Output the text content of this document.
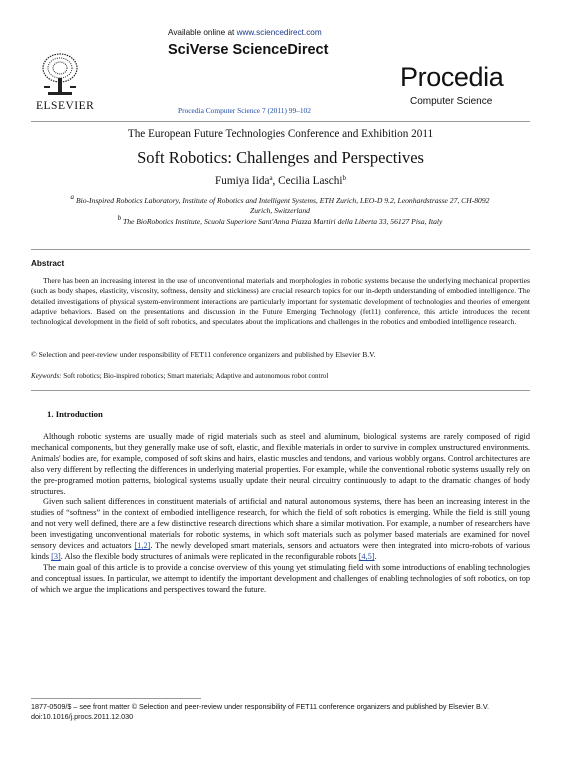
ELSEVIER
Available online at www.sciencedirect.com
SciVerse ScienceDirect
Procedia Computer Science 7 (2011) 99–102
Procedia
Computer Science
The European Future Technologies Conference and Exhibition 2011
Soft Robotics: Challenges and Perspectives
Fumiya Iida$^a$, Cecilia Laschi$^b$
$^a$ Bio-Inspired Robotics Laboratory, Institute of Robotics and Intelligent Systems, ETH Zurich, LEO-D 9.2, Leonhardstrasse 27, CH-8092 Zurich, Switzerland
$^b$ The BioRobotics Institute, Scuola Superiore Sant'Anna Piazza Martiri della Liberta 33, 56127 Pisa, Italy
Abstract
There has been an increasing interest in the use of unconventional materials and morphologies in robotic systems because the underlying mechanical properties (such as body shapes, elasticity, viscosity, softness, density and stickiness) are crucial research topics for our in-depth understanding of embodied intelligence. The detailed investigations of physical system-environment interactions are particularly important for systematic development of technologies and theories of emergent adaptive behaviors. Based on the presentations and discussion in the Future Emerging Technology (fet11) conference, this article introduces the recent technological development in the field of soft robotics, and speculates about the implications and challenges in the robotics and embodied intelligence research.
© Selection and peer-review under responsibility of FET11 conference organizers and published by Elsevier B.V.
Keywords: Soft robotics; Bio-inspired robotics; Smart materials; Adaptive and autonomous robot control
1. Introduction

Although robotic systems are usually made of rigid materials such as steel and aluminum, biological systems are rarely composed of rigid mechanical components, but they generally make use of soft, elastic, and flexible materials in order to survive in complex unstructured environments. Animals' bodies are, for example, composed of soft skins and hairs, elastic muscles and tendons, and various wobbly organs. Control architectures are also very different by reflecting the differences in underlying material properties. For example, while the conventional robotic systems usually rely on the pre-programed motion patterns, biological systems usually update their neural circuitry continuously to adapt to the dramatic changes of body structures.

Given such salient differences in constituent materials of artificial and natural autonomous systems, there has been an increasing interest in the studies of “softness” in the context of embodied intelligence research, for which the field of soft robotics is emerging. While the field is still young and not very well defined, there are a few distinctive research directions which share a similar motivation. For example, a number of researchers have been investigating unconventional materials for robotic systems, in which soft materials such as polymer based materials are examined for novel sensory devices and actuators [1,2]. The newly developed smart materials, sensors and actuators were then integrated into micro-robots of various kinds [3]. Also the flexible body structures of animals were replicated in the reconfigurable robots [4,5].

The main goal of this article is to provide a concise overview of this young yet stimulating field with some introductions of enabling technologies and conceptual issues. In particular, we attempt to identify the important development and challenges of enabling technologies of soft robotics, on top of which we argue the implications and perspectives toward the future.

1877-0509/$ – see front matter © Selection and peer-review under responsibility of FET11 conference organizers and published by Elsevier B.V.
doi:10.1016/j.procs.2011.12.030
